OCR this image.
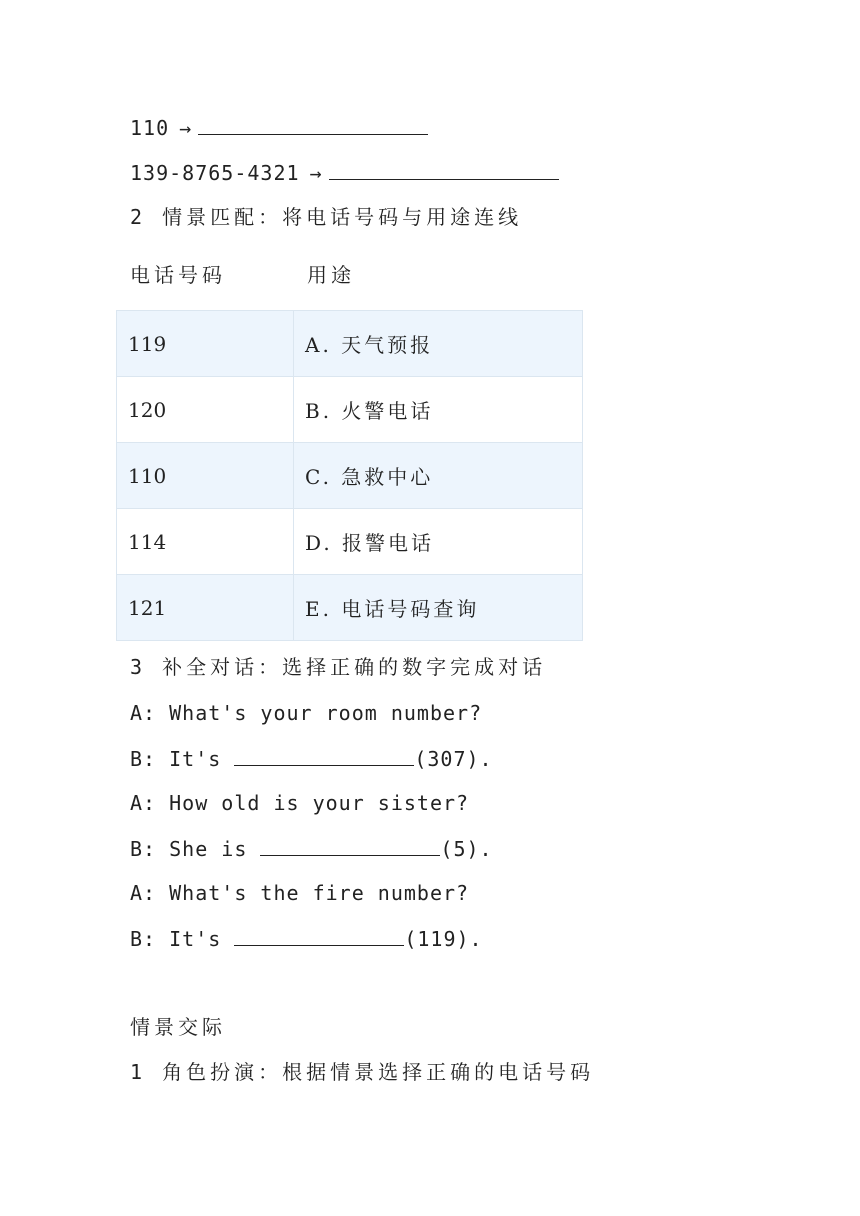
110 →
139-8765-4321 →
2 情景匹配：将电话号码与用途连线
电话号码	用途
119	A. 天气预报
120	B. 火警电话
110	C. 急救中心
114	D. 报警电话
121	E. 电话号码查询
3 补全对话：选择正确的数字完成对话
A: What's your room number?
B: It's	(307).
A: How old is your sister?
B: She is	(5).
A: What's the fire number?
B: It's	(119).
情景交际
1 角色扮演：根据情景选择正确的电话号码
